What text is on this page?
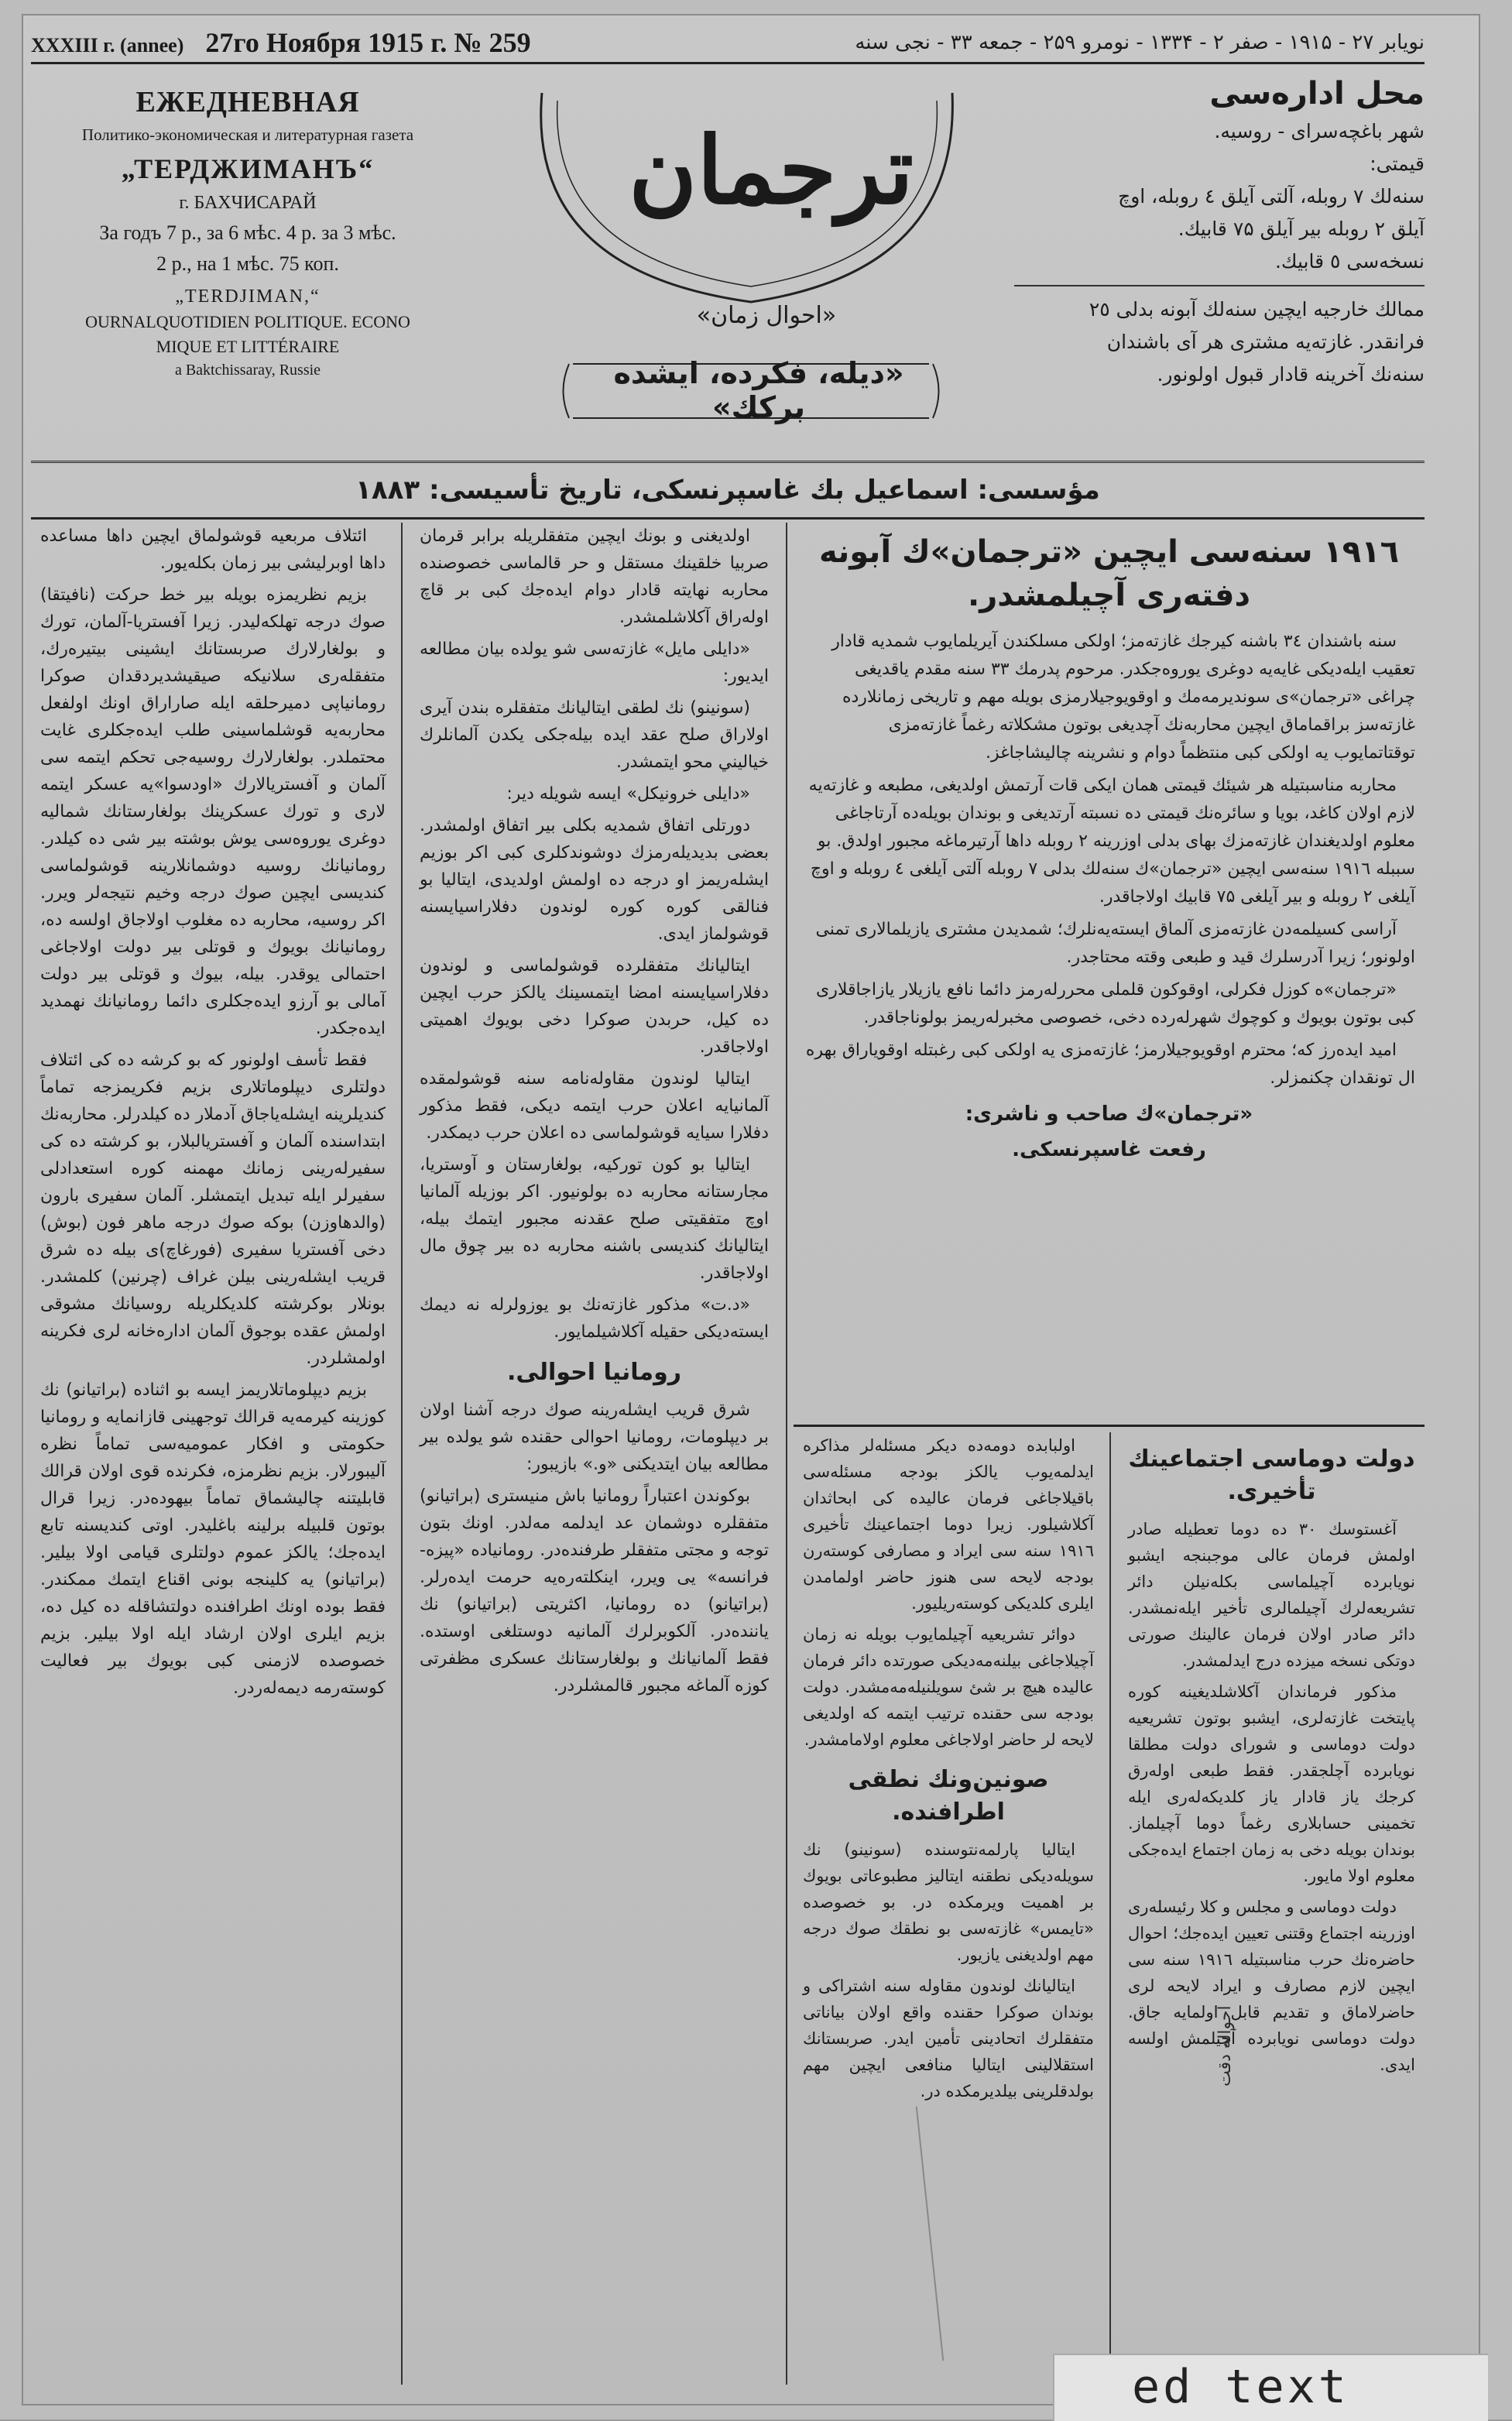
XXXIII г. (annee) 27го Ноября 1915 г. № 259	نویابر ۲۷ - ۱۹۱۵ - صفر ۲ - ۱۳۳۴ - نومرو ۲۵۹ - جمعه ۳۳ - نجی سنه
ЕЖЕДНЕВНАЯ
Политико-экономическая и литературная газета
„ТЕРДЖИМАНЪ“
г. БАХЧИСАРАЙ
За годъ 7 р., за 6 мѣс. 4 р. за 3 мѣс.
2 р., на 1 мѣс. 75 коп.
„TERDJIMAN,“
OURNALQUOTIDIEN POLITIQUE. ECONO
MIQUE ET LITTÉRAIRE
a Baktchissaray, Russie
ترجمان
«احوال زمان»
«ديله، فكرده، ايشده بركك»
محل ادارەسی
شهر باغچەسرای - روسيه.
قيمتی:
سنەلك ۷ روبله، آلتی آيلق ٤ روبله، اوچ
آيلق ۲ روبله بير آيلق ۷۵ قابيك.
نسخەسی ٥ قابيك.
ممالك خارجيه ايچين سنەلك آبونه بدلی ۲٥
فرانقدر. غازتەيه مشتری هر آی باشندان
سنەنك آخرينه قادار قبول اولونور.
مؤسسی: اسماعیل بك غاسپرنسکی، تاریخ تأسیسی: ۱۸۸۳
ائتلاف مربعیه قوشولماق ايچين داها مساعده داها اوبرليشی بير زمان بكلەيور.
بزيم نظريمزه بويله بير خط حركت (نافيتقا) صوك درجه تهلكەليدر. زيرا آفستريا-آلمان، تورك و بولغارلارك صربستانك ايشينی بيتيرەرك، متفقلەری سلانيكه صيقيشديردقدان صوكرا رومانياپی دميرحلقه ايله صاراراق اونك اولفعل محاربەيه قوشلماسينی طلب ايدەجكلری غايت محتملدر. بولغارلارك روسيەجی تحكم ايتمه سی آلمان و آفستريالارك «اودسوا»يه عسكر ايتمه لاری و تورك عسكرينك بولغارستانك شماليه دوغری يوروەسی يوش بوشته بير شی ده كيلدر. رومانيانك روسيه دوشمانلارينه قوشولماسی كنديسی ايچين صوك درجه وخيم نتيجەلر ويرر. اكر روسيه، محاربه ده مغلوب اولاجاق اولسه ده، رومانيانك بويوك و قوتلی بير دولت اولاجاغی احتمالی يوقدر. بيله، بيوك و قوتلی بير دولت آمالی بو آرزو ايدەجكلری دائما رومانيانك نهمديد ايدەجكدر.
فقط تأسف اولونور كه بو كرشه ده كی ائتلاف دولتلری ديپلوماتلاری بزيم فكريمزجه تماماً كنديلرينه ايشلەياجاق آدملار ده كيلدرلر. محاربەنك ابتداسنده آلمان و آفستريالبلار، بو كرشته ده كی سفيرلەرينی زمانك مهمنه كوره استعدادلی سفيرلر ايله تبديل ايتمشلر. آلمان سفيری بارون (والدهاوزن) بوكه صوك درجه ماهر فون (بوش) دخی آفستريا سفيری (فورغاچ)ی بيله ده شرق قريب ايشلەرينی بيلن غراف (چرنين) كلمشدر. بونلار بوكرشته كلديكلريله روسيانك مشوقی اولمش عقده بوجوق آلمان ادارەخانه لری فكرينه اولمشلردر.
بزيم ديپلوماتلاريمز ايسه بو اثناده (براتيانو) نك كوزينه كيرمەيە قرالك توجهينی قازانمايه و رومانيا حكومتی و افكار عموميەسی تماماً نظره آليبورلار. بزيم نظرمزه، فكرنده قوی اولان قرالك قابليتنه چاليشماق تماماً بيهودەدر. زيرا قرال بوتون قلبيله برلينه باغليدر. اوتی كنديسنه تابع ايدەجك؛ يالكز عموم دولتلری قيامی اولا بيلير. (براتيانو) يه كلينجه بونی اقناع ايتمك ممكندر. فقط بوده اونك اطرافنده دولتشاقله ده كيل ده، بزيم ايلری اولان ارشاد ايله اولا بيلير. بزيم خصوصده لازمنی كبی بويوك بير فعاليت كوستەرمه ديمەلەردر.
اولديغنی و بونك ايچين متفقلريله برابر قرمان صربيا خلقينك مستقل و حر قالماسی خصوصنده محاربه نهايته قادار دوام ايدەجك كبی بر قاچ اولەراق آكلاشلمشدر.
«دايلی مايل» غازتەسی شو يولده بيان مطالعه ايديور:
(سونينو) نك لطقی ايتاليانك متفقلره بندن آيری اولاراق صلح عقد ايده بيلەجكی يكدن آلمانلرك خياليني محو ايتمشدر.
«دايلی خرونيكل» ايسه شويله دير:
دورتلی اتفاق شمديه بكلی بير اتفاق اولمشدر. بعضی بديديلەرمزك دوشوندكلری كبی اكر بوزيم ايشلەريمز او درجه ده اولمش اولديدی، ايتاليا بو فنالقی كوره كوره لوندون دفلاراسيايسنه قوشولماز ايدی.
ايتاليانك متفقلرده قوشولماسی و لوندون دفلاراسيايسنه امضا ايتمسينك يالكز حرب ايچين ده كيل، حربدن صوكرا دخی بويوك اهميتی اولاجاقدر.
ايتاليا لوندون مقاولەنامه سنه قوشولمقده آلمانيايه اعلان حرب ايتمه ديكی، فقط مذكور دفلارا سيايه قوشولماسی ده اعلان حرب ديمكدر.
ايتاليا بو كون توركيه، بولغارستان و آوستريا، مجارستانه محاربه ده بولونيور. اكر بوزيله آلمانيا اوچ متفقيتی صلح عقدنه مجبور ايتمك بيله، ايتاليانك كنديسی باشنه محاربه ده بير چوق مال اولاجاقدر.
«د.ت» مذكور غازتەنك بو يوزولرله نه ديمك ايستەديكی حقيله آكلاشيلمايور.
رومانيا احوالی.
شرق قريب ايشلەرينه صوك درجه آشنا اولان بر ديپلومات، رومانيا احوالی حقنده شو يولده بير مطالعه بيان ايتديكنی «و.» بازيبور:
بوكوندن اعتباراً رومانيا باش منيستری (براتيانو) متفقلره دوشمان عد ايدلمه مەلدر. اونك بتون توجه و مجتی متفقلر طرفندەدر. رومانياده «پيزه-فرانسه» يی ويرر، اينكلتەرەيه حرمت ايدەرلر. (براتيانو) ده رومانيا، اكثريتی (براتيانو) نك يانندەدر. آلكوبرلرك آلمانيه دوستلغی اوستده. فقط آلمانيانك و بولغارستانك عسكری مظفرتی كوزه آلماغه مجبور قالمشلردر.
۱۹۱٦ سنەسی ايچين «ترجمان»ك آبونه دفتەری آچيلمشدر.
سنه باشندان ۳٤ باشنه كيرجك غازتەمز؛ اولكی مسلكندن آيريلمايوب شمديه قادار تعقيب ايلەديكی غايەيه دوغری يوروەجكدر. مرحوم پدرمك ۳۳ سنه مقدم ياقديغی چراغی «ترجمان»ی سونديرمەمك و اوقويوجيلارمزی بويله مهم و تاريخی زمانلارده غازتەسز براقماماق ايچين محاربەنك آچديغی بوتون مشكلاته رغماً غازتەمزی توقتاتمايوب يه اولكی كبی منتظماً دوام و نشرينه چاليشاجاغز.
محاربه مناسبتيله هر شيئك قيمتی همان ايكی قات آرتمش اولديغی، مطبعه و غازتەيه لازم اولان كاغد، بويا و سائرەنك قيمتی دە نسبته آرتديغی و بوندان بويلەده آرتاجاغی معلوم اولديغندان غازتەمزك بهای بدلی اوزرينه ۲ روبله داها آرتيرماغه مجبور اولدق. بو سببله ۱۹۱٦ سنەسی ايچين «ترجمان»ك سنەلك بدلی ۷ روبله آلتی آيلغی ٤ روبله و اوچ آيلغی ۲ روبله و بير آيلغی ۷۵ قابيك اولاجاقدر.
آراسی كسيلمەدن غازتەمزی آلماق ايستەيەنلرك؛ شمديدن مشتری يازيلمالاری تمنی اولونور؛ زيرا آدرسلرك قيد و طبعی وقته محتاجدر.
«ترجمان»ه كوزل فكرلی، اوقوكون قلملی محررلەرمز دائما نافع يازيلار يازاجاقلاری كبی بوتون بويوك و كوچوك شهرلەرده دخی، خصوصی مخبرلەريمز بولوناجاقدر.
اميد ايدەرز كه؛ محترم اوقويوجيلارمز؛ غازتەمزی يه اولكی كبی رغبتله اوقوياراق بهره ال تونقدان چكنمزلر.
«ترجمان»ك صاحب و ناشری:
رفعت غاسپرنسکی.
اولبابده دومەده ديكر مسئلەلر مذاكره ايدلمەيوب يالكز بودجه مسئلەسی باقيلاجاغی فرمان عاليده كی ابحاثدان آكلاشيلور. زيرا دوما اجتماعينك تأخيری ۱۹۱٦ سنه سی ايراد و مصارفی كوستەرن بودجه لايحه سی هنوز حاضر اولمامدن ايلری كلديكی كوستەريليور.
دوائر تشريعيه آچيلمايوب بويله نه زمان آچيلاجاغی بيلنەمەديكی صورتده دائر فرمان عاليده هيچ بر شئ سويلنيلەمەمشدر. دولت بودجه سی حقنده ترتيب ايتمه كه اولديغی لايحه لر حاضر اولاجاغی معلوم اولامامشدر.
صونين‌ونك نطقی اطرافنده.
ايتاليا پارلمەنتوسنده (سونينو) نك سويلەديكی نطقنه ايتاليز مطبوعاتی بويوك بر اهميت ويرمكده در. بو خصوصده «تايمس» غازتەسی بو نطقك صوك درجه مهم اولديغنی يازيور.
ايتاليانك لوندون مقاوله سنه اشتراكی و بوندان صوكرا حقنده واقع اولان بياناتی متفقلرك اتحادينی تأمين ايدر. صربستانك استقلالينی ايتاليا منافعی ايچين مهم بولدقلرينی بيلديرمكده در.
دولت دوماسی اجتماعینك تأخيری.
آغستوسك ۳۰ ده دوما تعطيله صادر اولمش فرمان عالی موجبنجه ايشبو نويابرده آچيلماسی بكلەنيلن دائر تشريعەلرك آچيلمالری تأخير ايلەنمشدر. دائر صادر اولان فرمان عالينك صورتی دوتكی نسخه ميزده درج ايدلمشدر.
مذكور فرماندان آكلاشلديغينه كوره پايتخت غازتەلری، ايشبو بوتون تشريعيه دولت دوماسی و شورای دولت مطلقا نويابرده آچلجقدر. فقط طبعی اولەرق كرجك ياز قادار ياز كلديكەلەری ايله تخمينی حسابلاری رغماً دوما آچيلماز. بوندان بويله دخی به زمان اجتماع ايدەجكی معلوم اولا مايور.
دولت دوماسی و مجلس و كلا رئيسلەری اوزرينه اجتماع وقتنی تعيين ايدەجك؛ احوال حاضرەنك حرب مناسبتيله ۱۹۱٦ سنه سی ايچين لازم مصارف و ايراد لايحه لری حاضرلاماق و تقديم قابل اولمايه جاق. دولت دوماسی نويابرده آچيلمش اولسه ايدی.
احواله دقت
ed text
